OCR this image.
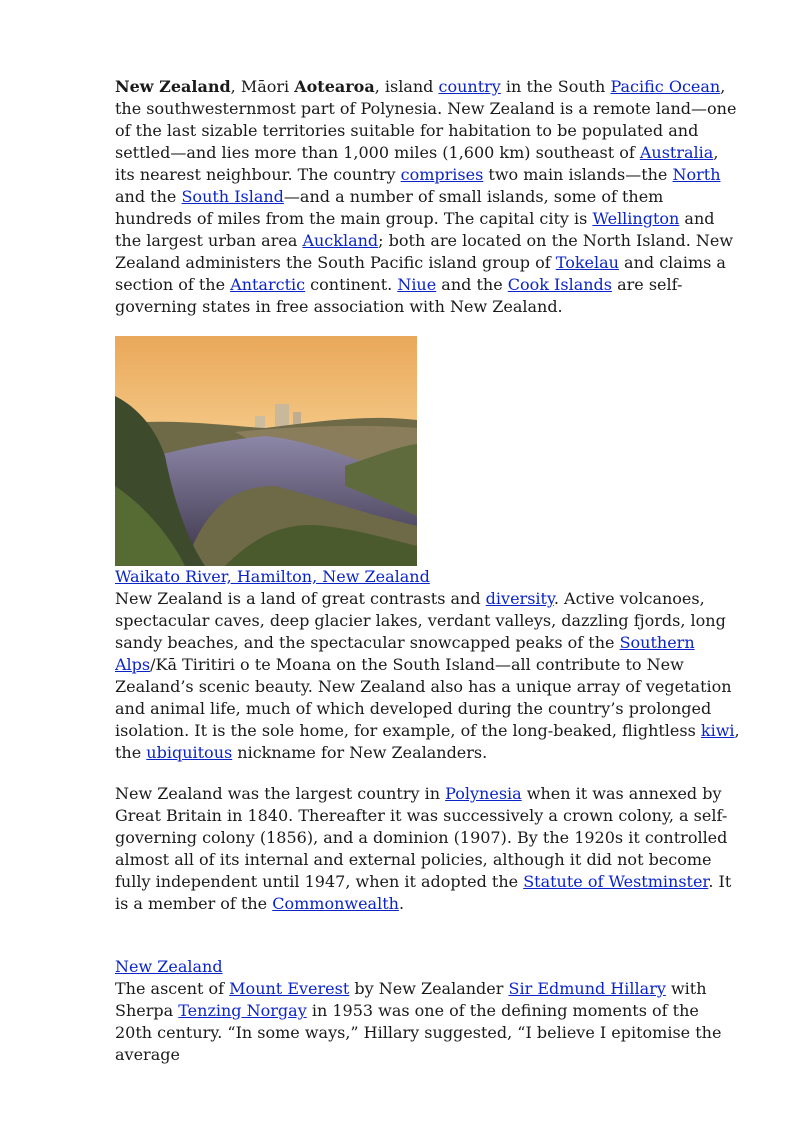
New Zealand, Māori Aotearoa, island country in the South Pacific Ocean, the southwesternmost part of Polynesia. New Zealand is a remote land—one of the last sizable territories suitable for habitation to be populated and settled—and lies more than 1,000 miles (1,600 km) southeast of Australia, its nearest neighbour. The country comprises two main islands—the North and the South Island—and a number of small islands, some of them hundreds of miles from the main group. The capital city is Wellington and the largest urban area Auckland; both are located on the North Island. New Zealand administers the South Pacific island group of Tokelau and claims a section of the Antarctic continent. Niue and the Cook Islands are self-governing states in free association with New Zealand.

Waikato River, Hamilton, New Zealand

New Zealand is a land of great contrasts and diversity. Active volcanoes, spectacular caves, deep glacier lakes, verdant valleys, dazzling fjords, long sandy beaches, and the spectacular snowcapped peaks of the Southern Alps/Kā Tiritiri o te Moana on the South Island—all contribute to New Zealand’s scenic beauty. New Zealand also has a unique array of vegetation and animal life, much of which developed during the country’s prolonged isolation. It is the sole home, for example, of the long-beaked, flightless kiwi, the ubiquitous nickname for New Zealanders.

New Zealand was the largest country in Polynesia when it was annexed by Great Britain in 1840. Thereafter it was successively a crown colony, a self-governing colony (1856), and a dominion (1907). By the 1920s it controlled almost all of its internal and external policies, although it did not become fully independent until 1947, when it adopted the Statute of Westminster. It is a member of the Commonwealth.

New Zealand

The ascent of Mount Everest by New Zealander Sir Edmund Hillary with Sherpa Tenzing Norgay in 1953 was one of the defining moments of the 20th century. “In some ways,” Hillary suggested, “I believe I epitomise the average
